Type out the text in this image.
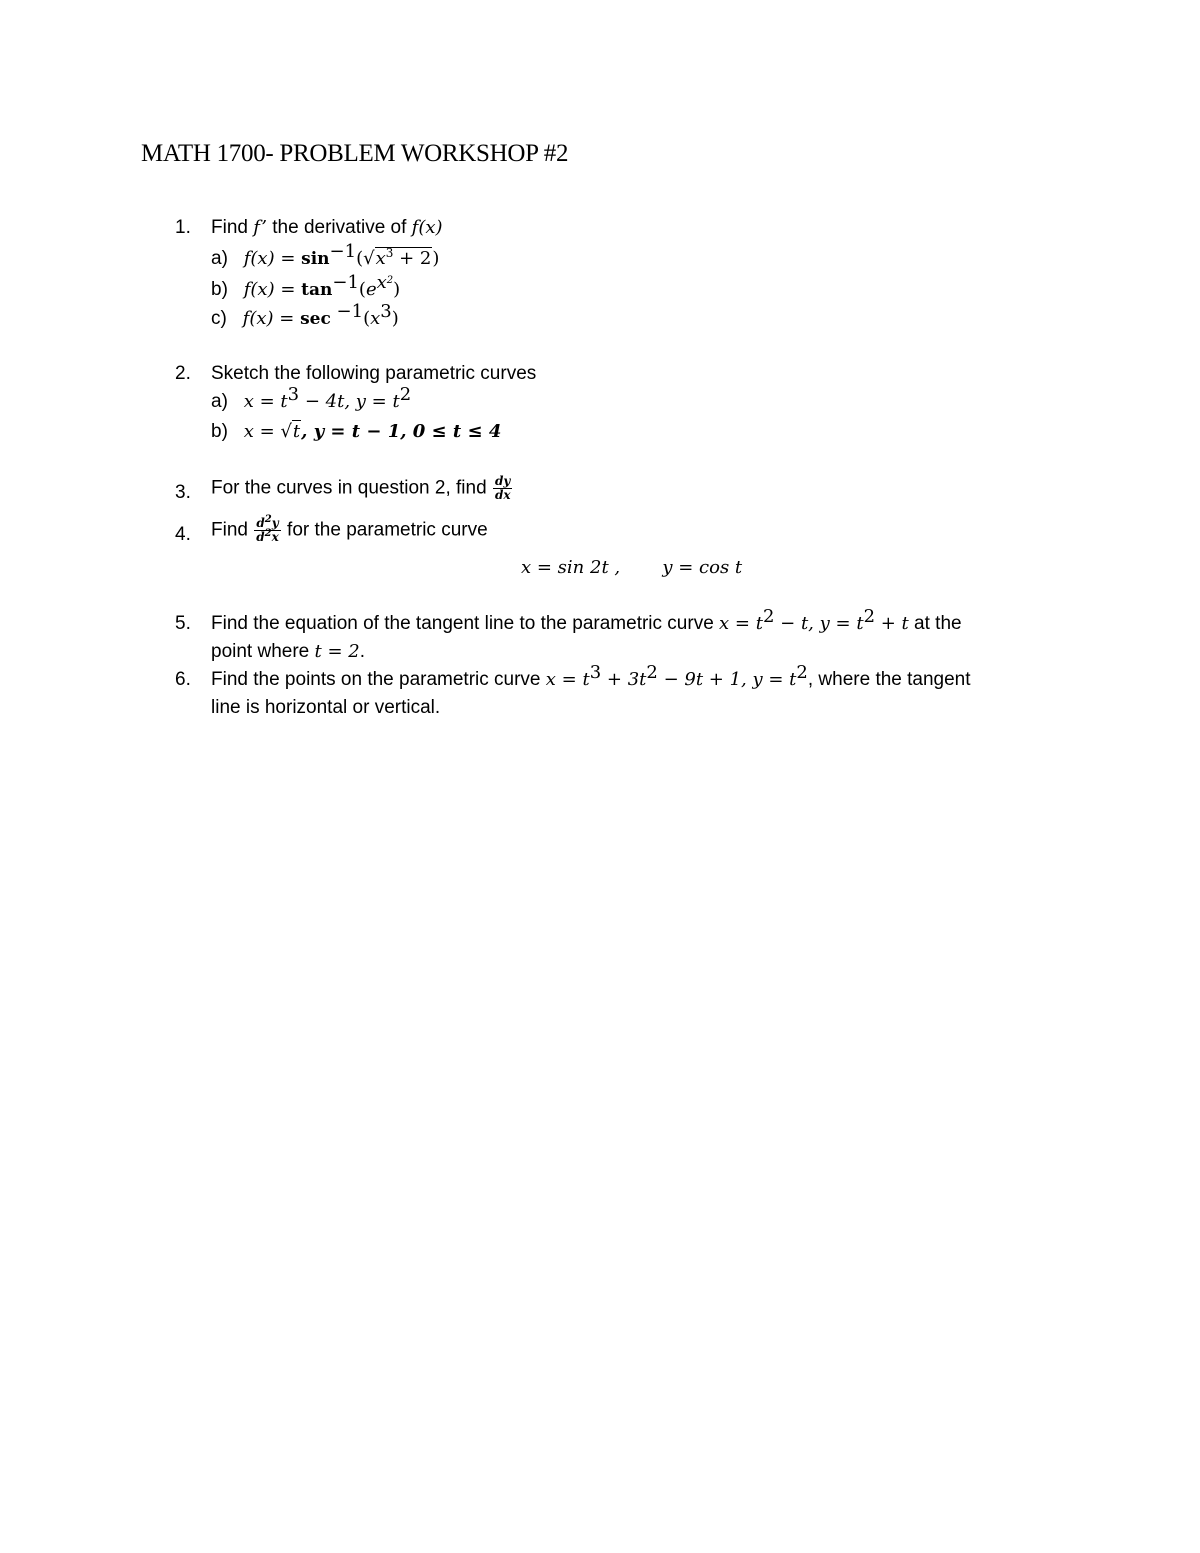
MATH 1700- PROBLEM WORKSHOP #2
1. Find f’ the derivative of f(x)
a) $f(x) = \sin^{-1}(√x^3 + 2)$
b) $f(x) = \tan^{-1}(e^{x^2})$
c) $f(x) = \sec ^{-1}(x^3)$
2. Sketch the following parametric curves
a) $x = t^3 - 4t$, $y = t^2$
b) x = √t, y = t − 1, 0 ≤ t ≤ 4
3. For the curves in question 2, find $\frac{dy}{dx}$
4. Find $\frac{d^2y}{d^2x}$ for the parametric curve
x = sin 2t , y = cos t
5. Find the equation of the tangent line to the parametric curve $x = t^2 - t$, $y = t^2 + t$ at the
point where t = 2.
6. Find the points on the parametric curve $x = t^3 + 3t^2 - 9t + 1$, $y = t^2$, where the tangent
line is horizontal or vertical.
